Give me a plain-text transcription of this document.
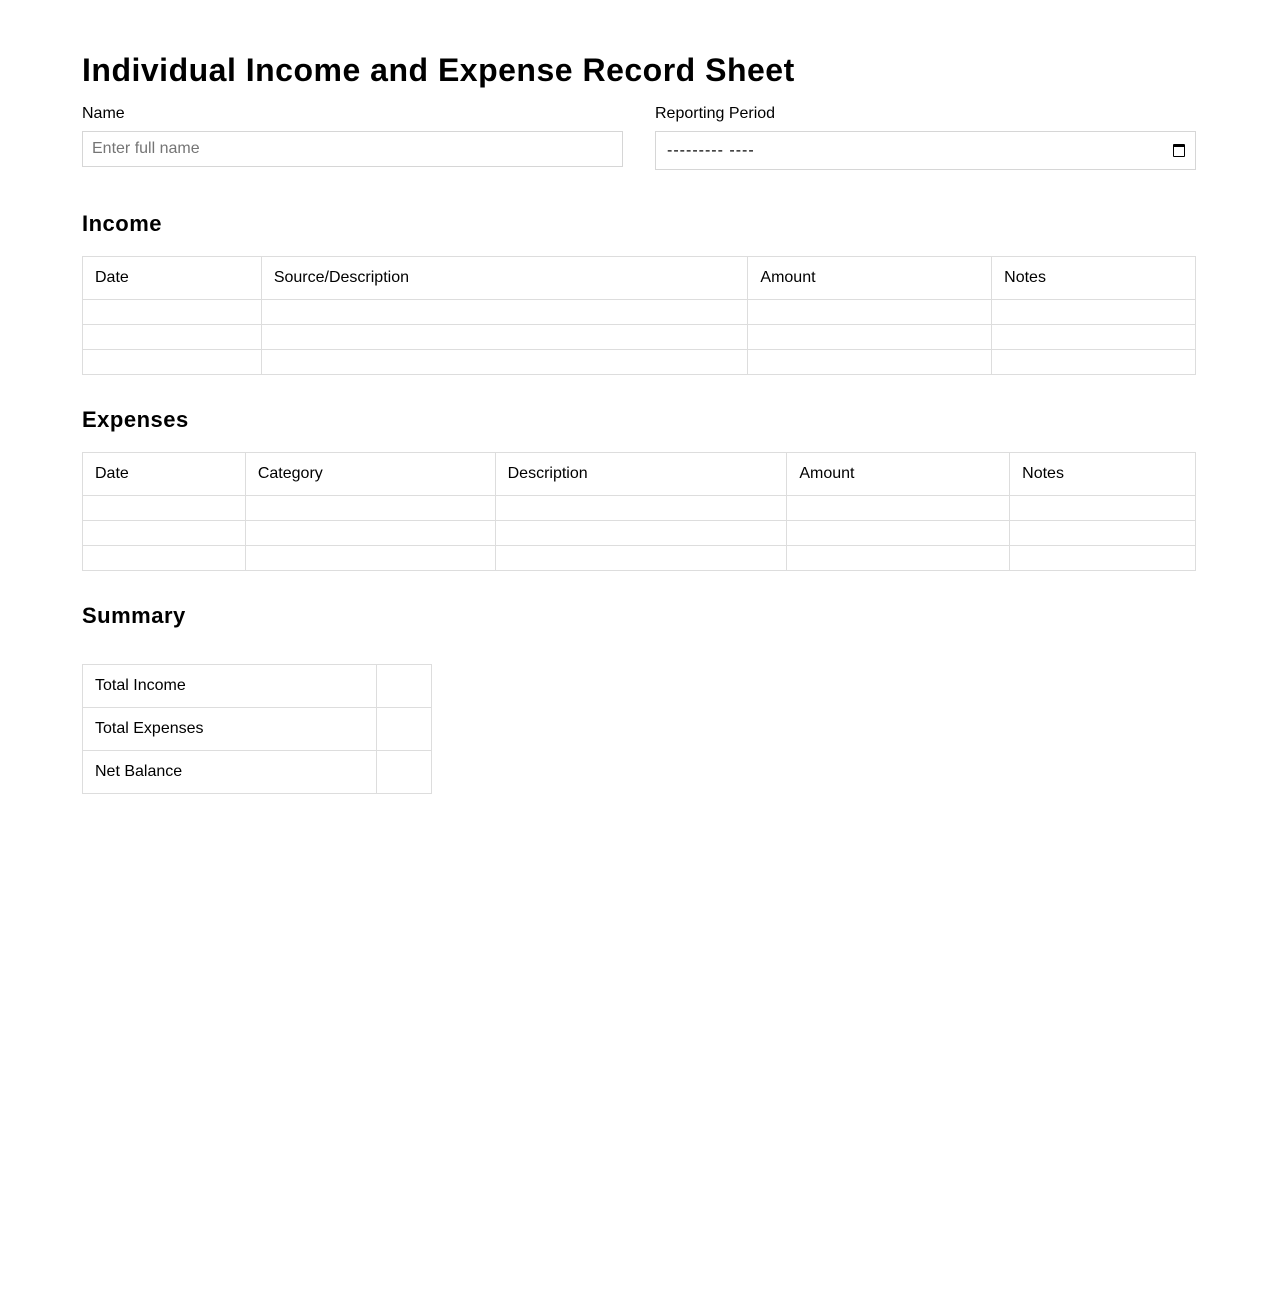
Individual Income and Expense Record Sheet
Name
Enter full name
Reporting Period
--------- ----
Income
Date	Source/Description	Amount	Notes

Expenses
Date	Category	Description	Amount	Notes

Summary
Total Income	
Total Expenses	
Net Balance	
